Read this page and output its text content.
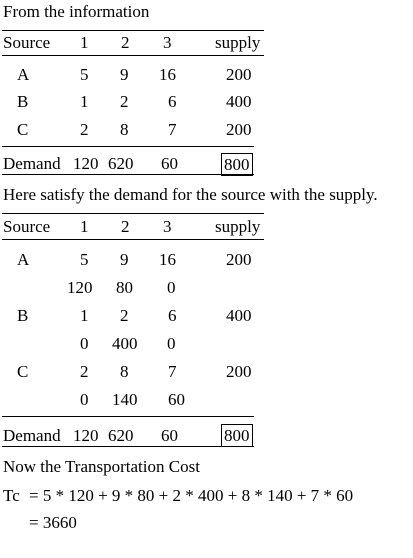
From the information
Source 1 2 3	supply
A	5 9 16	200
B	1 2 6	400
C	2 8 7	200
Demand 120 620 60	800
Here satisfy the demand for the source with the supply.
Source 1 2 3	supply
A	5 9 16	200
120 80 0
B	1 2 6	400
0 400 0
C	2 8 7	200
0 140 60
Demand 120 620 60	800
Now the Transportation Cost
Tc = 5 * 120 + 9 * 80 + 2 * 400 + 8 * 140 + 7 * 60
= 3660
